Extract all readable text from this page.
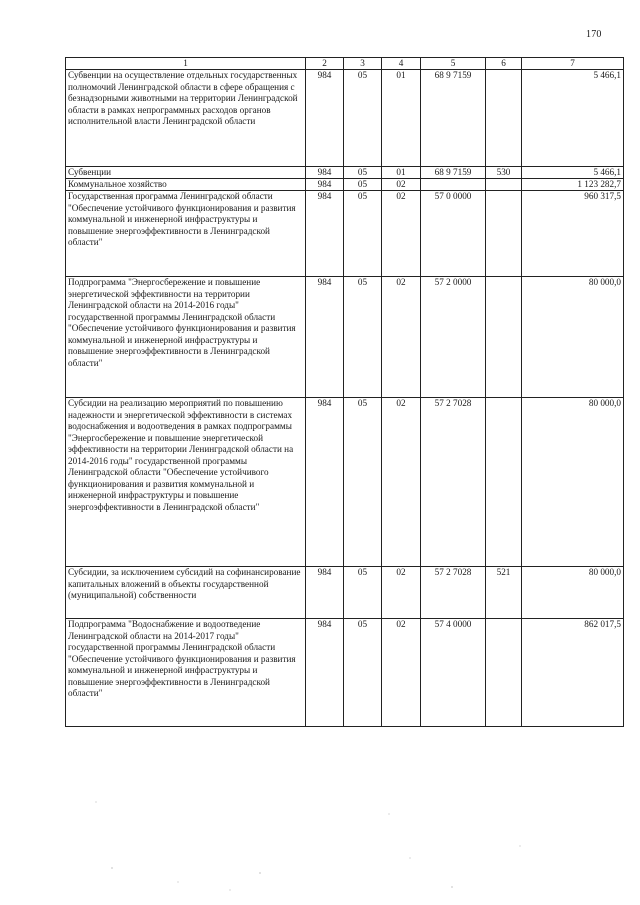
170
1	2	3	4	5	6	7
Субвенции на осуществление отдельных государственных полномочий Ленинградской области в сфере обращения с безнадзорными животными на территории Ленинградской области в рамках непрограммных расходов органов исполнительной власти Ленинградской области	984	05	01	68 9 7159		5 466,1
Субвенции	984	05	01	68 9 7159	530	5 466,1
Коммунальное хозяйство	984	05	02			1 123 282,7
Государственная программа Ленинградской области "Обеспечение устойчивого функционирования и развития коммунальной и инженерной инфраструктуры и повышение энергоэффективности в Ленинградской области"	984	05	02	57 0 0000		960 317,5
Подпрограмма "Энергосбережение и повышение энергетической эффективности на территории Ленинградской области на 2014-2016 годы" государственной программы Ленинградской области "Обеспечение устойчивого функционирования и развития коммунальной и инженерной инфраструктуры и повышение энергоэффективности в Ленинградской области"	984	05	02	57 2 0000		80 000,0
Субсидии на реализацию мероприятий по повышению надежности и энергетической эффективности в системах водоснабжения и водоотведения в рамках подпрограммы "Энергосбережение и повышение энергетической эффективности на территории Ленинградской области на 2014-2016 годы" государственной программы Ленинградской области "Обеспечение устойчивого функционирования и развития коммунальной и инженерной инфраструктуры и повышение энергоэффективности в Ленинградской области"	984	05	02	57 2 7028		80 000,0
Субсидии, за исключением субсидий на софинансирование капитальных вложений в объекты государственной (муниципальной) собственности	984	05	02	57 2 7028	521	80 000,0
Подпрограмма "Водоснабжение и водоотведение Ленинградской области на 2014-2017 годы" государственной программы Ленинградской области "Обеспечение устойчивого функционирования и развития коммунальной и инженерной инфраструктуры и повышение энергоэффективности в Ленинградской области"	984	05	02	57 4 0000		862 017,5
